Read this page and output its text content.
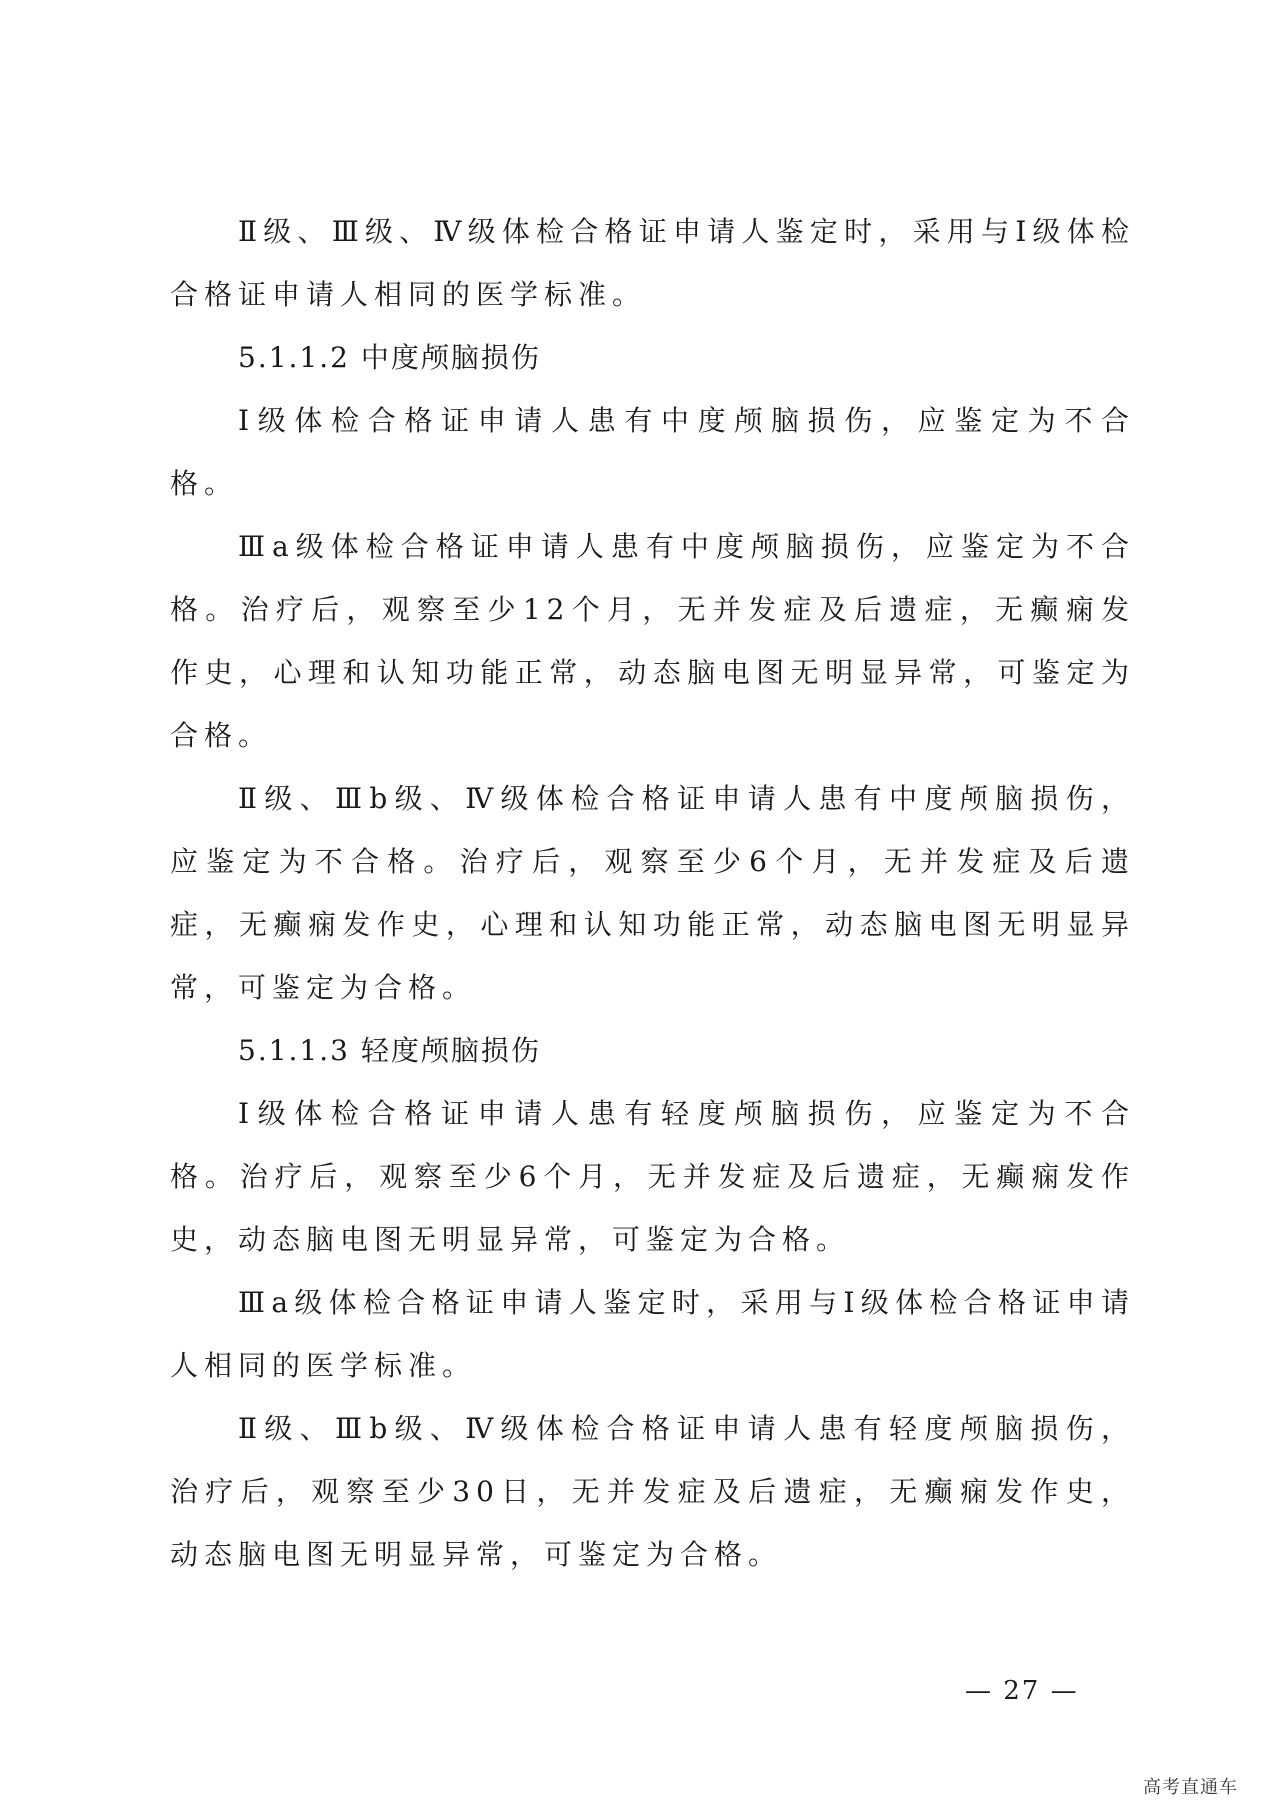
Ⅱ级、Ⅲ级、Ⅳ级体检合格证申请人鉴定时，采用与Ⅰ级体检合格证申请人相同的医学标准。

5.1.1.2 中度颅脑损伤

Ⅰ级体检合格证申请人患有中度颅脑损伤，应鉴定为不合格。

Ⅲa级体检合格证申请人患有中度颅脑损伤，应鉴定为不合格。治疗后，观察至少12个月，无并发症及后遗症，无癫痫发作史，心理和认知功能正常，动态脑电图无明显异常，可鉴定为合格。

Ⅱ级、Ⅲb级、Ⅳ级体检合格证申请人患有中度颅脑损伤，应鉴定为不合格。治疗后，观察至少6个月，无并发症及后遗症，无癫痫发作史，心理和认知功能正常，动态脑电图无明显异常，可鉴定为合格。

5.1.1.3 轻度颅脑损伤

Ⅰ级体检合格证申请人患有轻度颅脑损伤，应鉴定为不合格。治疗后，观察至少6个月，无并发症及后遗症，无癫痫发作史，动态脑电图无明显异常，可鉴定为合格。

Ⅲa级体检合格证申请人鉴定时，采用与Ⅰ级体检合格证申请人相同的医学标准。

Ⅱ级、Ⅲb级、Ⅳ级体检合格证申请人患有轻度颅脑损伤，治疗后，观察至少30日，无并发症及后遗症，无癫痫发作史，动态脑电图无明显异常，可鉴定为合格。

— 27 —
高考直通车
